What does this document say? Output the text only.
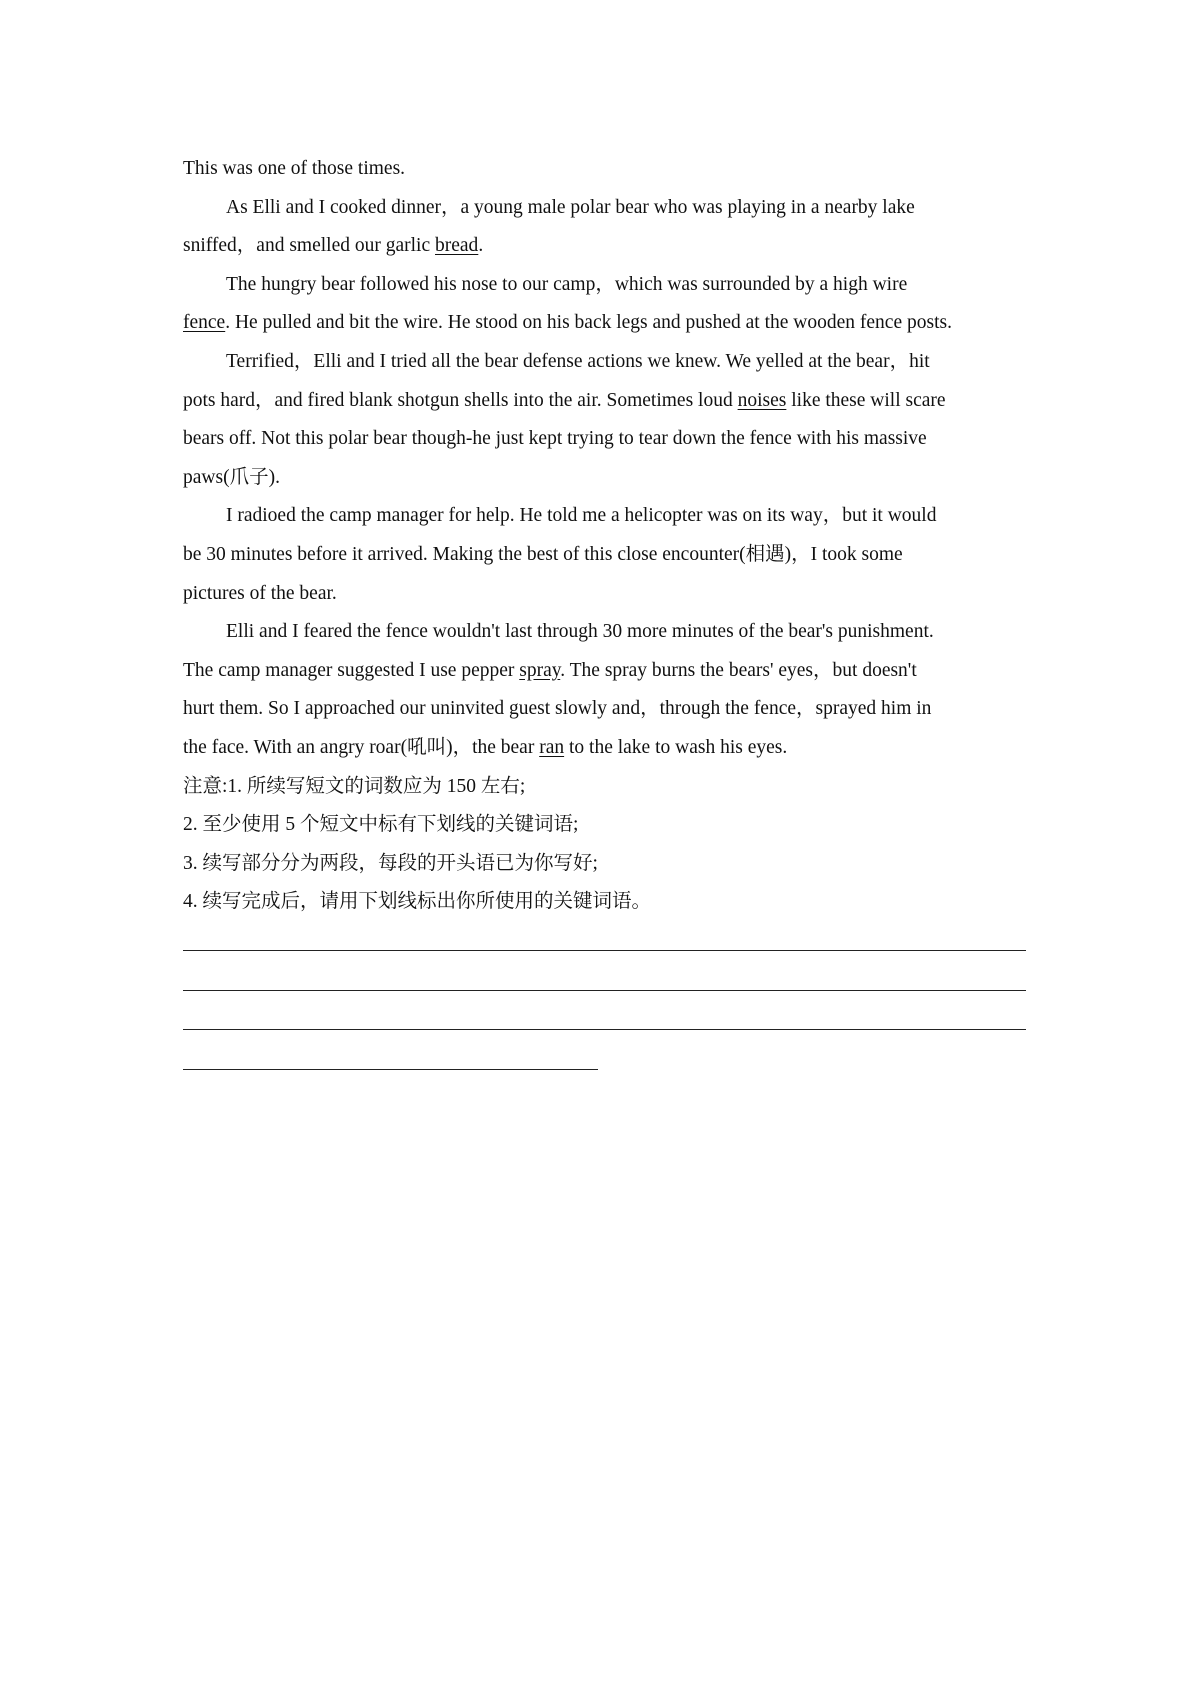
This was one of those times.
As Elli and I cooked dinner，a young male polar bear who was playing in a nearby lake
sniffed，and smelled our garlic bread.
The hungry bear followed his nose to our camp，which was surrounded by a high wire
fence. He pulled and bit the wire. He stood on his back legs and pushed at the wooden fence posts.
Terrified，Elli and I tried all the bear defense actions we knew. We yelled at the bear，hit
pots hard，and fired blank shotgun shells into the air. Sometimes loud noises like these will scare
bears off. Not this polar bear though-he just kept trying to tear down the fence with his massive
paws(爪子).
I radioed the camp manager for help. He told me a helicopter was on its way，but it would
be 30 minutes before it arrived. Making the best of this close encounter(相遇)，I took some
pictures of the bear.
Elli and I feared the fence wouldn't last through 30 more minutes of the bear's punishment.
The camp manager suggested I use pepper spray. The spray burns the bears' eyes，but doesn't
hurt them. So I approached our uninvited guest slowly and，through the fence，sprayed him in
the face. With an angry roar(吼叫)，the bear ran to the lake to wash his eyes.
注意:1. 所续写短文的词数应为 150 左右;
2. 至少使用 5 个短文中标有下划线的关键词语;
3. 续写部分分为两段，每段的开头语已为你写好;
4. 续写完成后，请用下划线标出你所使用的关键词语。
